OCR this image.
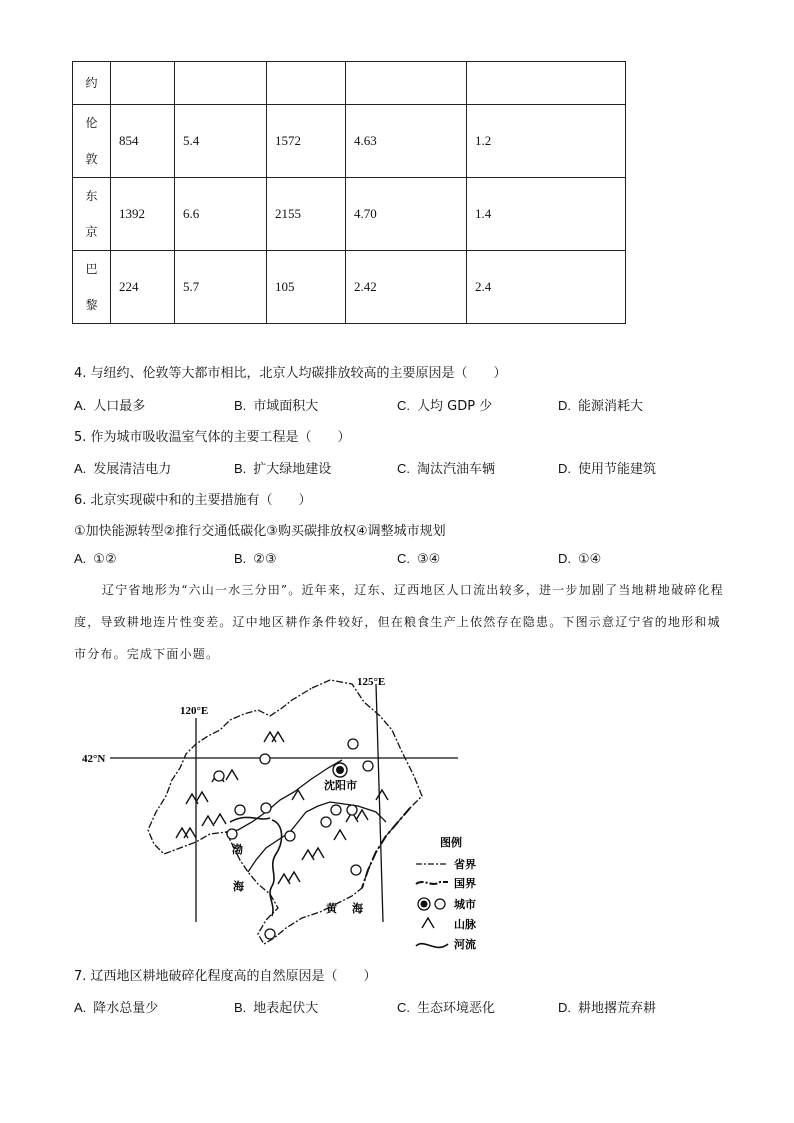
约					

伦
敦	854	5.4	1572	4.63	1.2

东
京	1392	6.6	2155	4.70	1.4

巴
黎	224	5.7	105	2.42	2.4
4. 与纽约、伦敦等大都市相比，北京人均碳排放较高的主要原因是（　　）
A. 人口最多	B. 市域面积大	C. 人均 GDP 少	D. 能源消耗大
5. 作为城市吸收温室气体的主要工程是（　　）
A. 发展清洁电力	B. 扩大绿地建设	C. 淘汰汽油车辆	D. 使用节能建筑
6. 北京实现碳中和的主要措施有（　　）
①加快能源转型②推行交通低碳化③购买碳排放权④调整城市规划
A. ①②	B. ②③	C. ③④	D. ①④
辽宁省地形为“六山一水三分田”。近年来，辽东、辽西地区人口流出较多，进一步加剧了当地耕地破碎化程度，导致耕地连片性变差。辽中地区耕作条件较好，但在粮食生产上依然存在隐患。下图示意辽宁省的地形和城市分布。完成下面小题。
125°E
120°E
42°N
沈阳市
渤
海
黄 海
图例
省界
国界
城市
山脉
河流
7. 辽西地区耕地破碎化程度高的自然原因是（　　）
A. 降水总量少	B. 地表起伏大	C. 生态环境恶化	D. 耕地撂荒弃耕
